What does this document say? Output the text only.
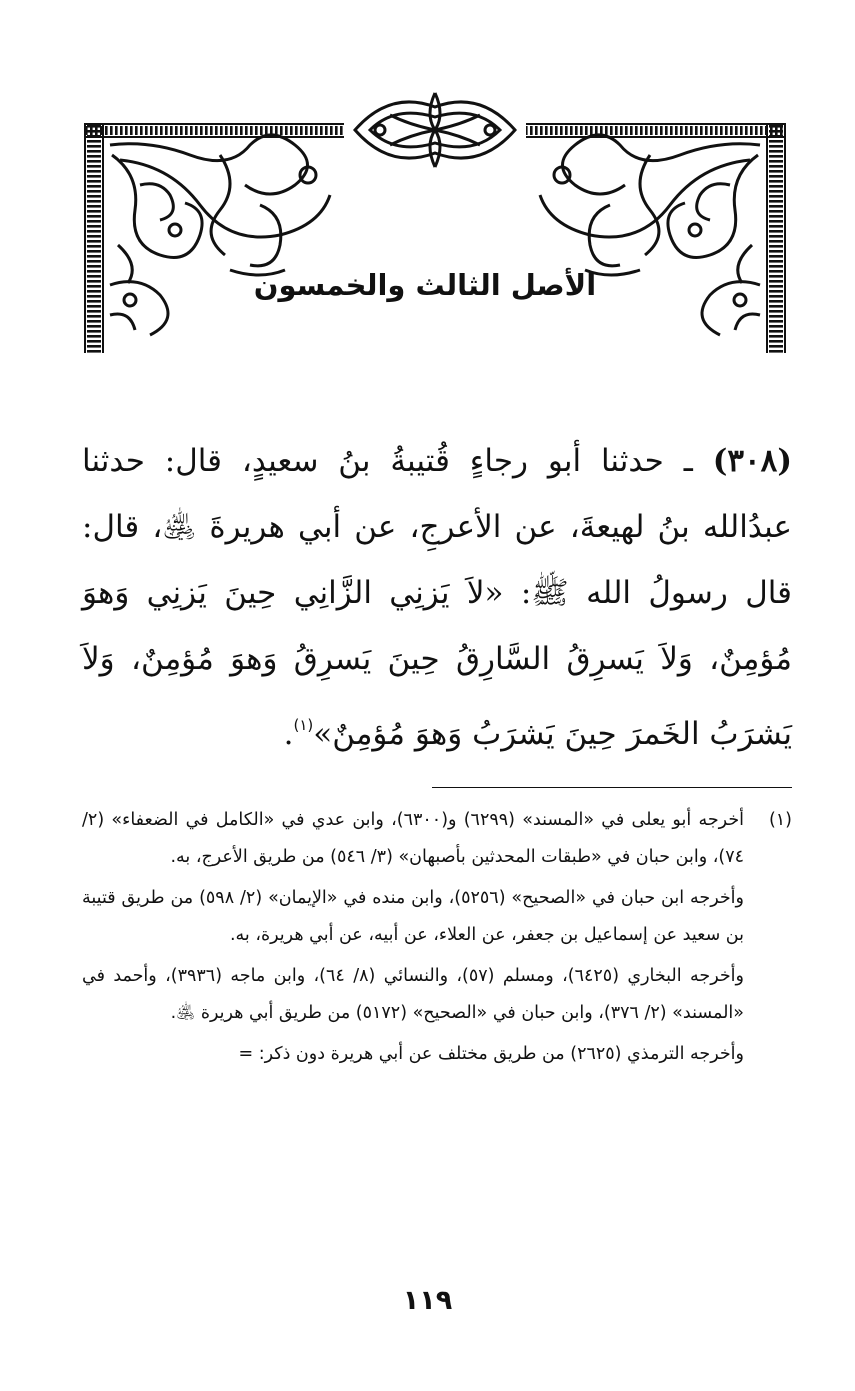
الأصل الثالث والخمسون

(٣٠٨) ـ حدثنا أبو رجاءٍ قُتيبةُ بنُ سعيدٍ، قال: حدثنا عبدُالله بنُ لهيعةَ، عن الأعرجِ، عن أبي هريرةَ ﵁، قال: قال رسولُ الله ﷺ: «لاَ يَزنِي الزَّانِي حِينَ يَزنِي وَهوَ مُؤمِنٌ، وَلاَ يَسرِقُ السَّارِقُ حِينَ يَسرِقُ وَهوَ مُؤمِنٌ، وَلاَ يَشرَبُ الخَمرَ حِينَ يَشرَبُ وَهوَ مُؤمِنٌ»$^{(١)}$.

(١)
أخرجه أبو يعلى في «المسند» (٦٢٩٩) و(٦٣٠٠)، وابن عدي في «الكامل في الضعفاء» (٢/ ٧٤)، وابن حبان في «طبقات المحدثين بأصبهان» (٣/ ٥٤٦) من طريق الأعرج، به.

وأخرجه ابن حبان في «الصحيح» (٥٢٥٦)، وابن منده في «الإيمان» (٢/ ٥٩٨) من طريق قتيبة بن سعيد عن إسماعيل بن جعفر، عن العلاء، عن أبيه، عن أبي هريرة، به.

وأخرجه البخاري (٦٤٢٥)، ومسلم (٥٧)، والنسائي (٨/ ٦٤)، وابن ماجه (٣٩٣٦)، وأحمد في «المسند» (٢/ ٣٧٦)، وابن حبان في «الصحيح» (٥١٧٢) من طريق أبي هريرة ﵁.

وأخرجه الترمذي (٢٦٢٥) من طريق مختلف عن أبي هريرة دون ذكر: =

١١٩
